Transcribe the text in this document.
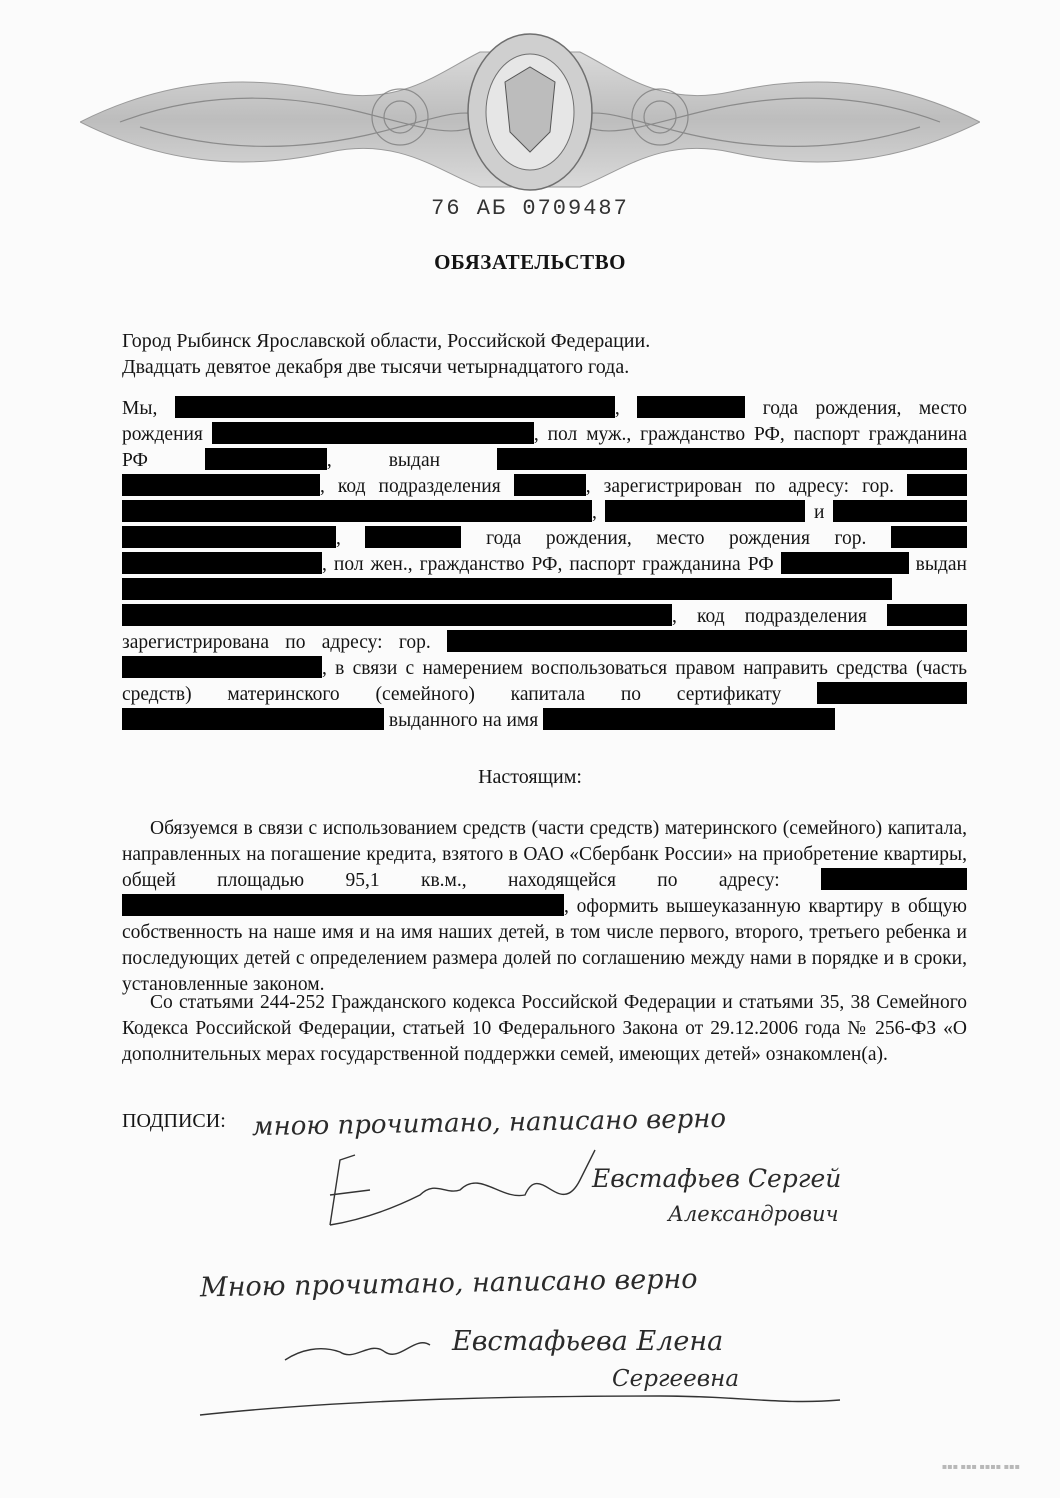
76 АБ 0709487
ОБЯЗАТЕЛЬСТВО
Город Рыбинск Ярославской области, Российской Федерации.
Двадцать девятое декабря две тысячи четырнадцатого года.

Мы,	,	года рождения, место рождения	, пол муж., гражданство РФ, паспорт гражданина РФ	, выдан  , код подразделения	, зарегистрирован по адресу: гор.  ,	и  ,	года рождения, место рождения гор.  , пол жен., гражданство РФ, паспорт гражданина РФ	выдан  , код подразделения  зарегистрирована по адресу: гор.  , в связи с намерением воспользоваться правом направить средства (часть средств) материнского (семейного) капитала по сертификату   выданного на имя

Настоящим:

Обязуемся в связи с использованием средств (части средств) материнского (семейного) капитала, направленных на погашение кредита, взятого в ОАО «Сбербанк России» на приобретение квартиры, общей площадью 95,1 кв.м., находящейся по адресу:  , оформить вышеуказанную квартиру в общую собственность на наше имя и на имя наших детей, в том числе первого, второго, третьего ребенка и последующих детей с определением размера долей по соглашению между нами в порядке и в сроки, установленные законом.

Со статьями 244-252 Гражданского кодекса Российской Федерации и статьями 35, 38 Семейного Кодекса Российской Федерации, статьей 10 Федерального Закона от 29.12.2006 года № 256-ФЗ «О дополнительных мерах государственной поддержки семей, имеющих детей» ознакомлен(а).

ПОДПИСИ: мною прочитано, написано верно
Евстафьев Сергей
Александрович
Мною прочитано, написано верно
Евстафьева Елена
Сергеевна
▪▪▪ ▪▪▪ ▪▪▪▪ ▪▪▪
